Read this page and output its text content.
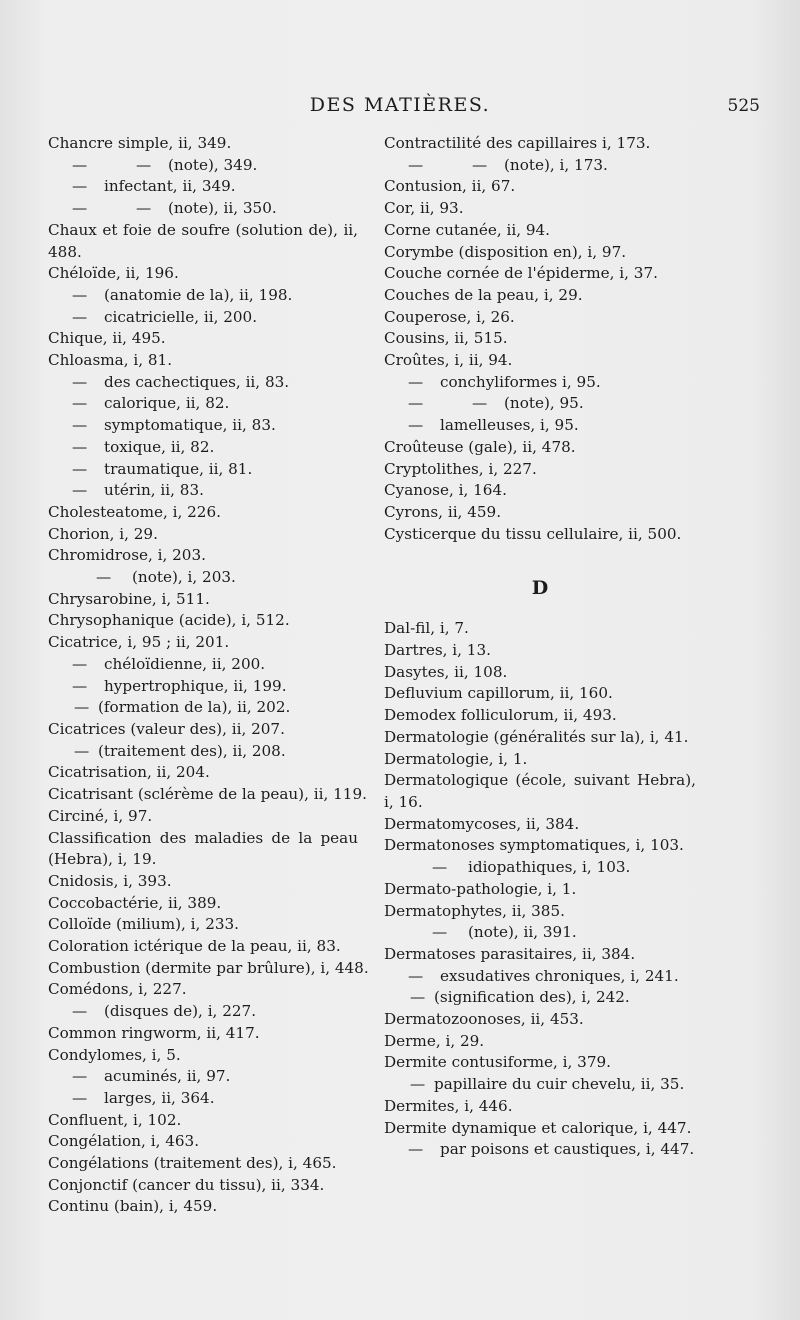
DES MATIÈRES.	525
Chancre simple, ii, 349.
—	— (note), 349.
— infectant, ii, 349.
—	— (note), ii, 350.
Chaux et foie de soufre (solution de), ii, 488.
Chéloïde, ii, 196.
— (anatomie de la), ii, 198.
— cicatricielle, ii, 200.
Chique, ii, 495.
Chloasma, i, 81.
— des cachectiques, ii, 83.
— calorique, ii, 82.
— symptomatique, ii, 83.
— toxique, ii, 82.
— traumatique, ii, 81.
— utérin, ii, 83.
Cholesteatome, i, 226.
Chorion, i, 29.
Chromidrose, i, 203.
— (note), i, 203.
Chrysarobine, i, 511.
Chrysophanique (acide), i, 512.
Cicatrice, i, 95 ; ii, 201.
— chéloïdienne, ii, 200.
— hypertrophique, ii, 199.
— (formation de la), ii, 202.
Cicatrices (valeur des), ii, 207.
— (traitement des), ii, 208.
Cicatrisation, ii, 204.
Cicatrisant (sclérème de la peau), ii, 119.
Circiné, i, 97.
Classification des maladies de la peau (Hebra), i, 19.
Cnidosis, i, 393.
Coccobactérie, ii, 389.
Colloïde (milium), i, 233.
Coloration ictérique de la peau, ii, 83.
Combustion (dermite par brûlure), i, 448.
Comédons, i, 227.
— (disques de), i, 227.
Common ringworm, ii, 417.
Condylomes, i, 5.
— acuminés, ii, 97.
— larges, ii, 364.
Confluent, i, 102.
Congélation, i, 463.
Congélations (traitement des), i, 465.
Conjonctif (cancer du tissu), ii, 334.
Continu (bain), i, 459.
Contractilité des capillaires i, 173.
—	— (note), i, 173.
Contusion, ii, 67.
Cor, ii, 93.
Corne cutanée, ii, 94.
Corymbe (disposition en), i, 97.
Couche cornée de l'épiderme, i, 37.
Couches de la peau, i, 29.
Couperose, i, 26.
Cousins, ii, 515.
Croûtes, i, ii, 94.
— conchyliformes i, 95.
—	— (note), 95.
— lamelleuses, i, 95.
Croûteuse (gale), ii, 478.
Cryptolithes, i, 227.
Cyanose, i, 164.
Cyrons, ii, 459.
Cysticerque du tissu cellulaire, ii, 500.
D
Dal-fil, i, 7.
Dartres, i, 13.
Dasytes, ii, 108.
Defluvium capillorum, ii, 160.
Demodex folliculorum, ii, 493.
Dermatologie (généralités sur la), i, 41.
Dermatologie, i, 1.
Dermatologique (école, suivant Hebra), i, 16.
Dermatomycoses, ii, 384.
Dermatonoses symptomatiques, i, 103.
— idiopathiques, i, 103.
Dermato-pathologie, i, 1.
Dermatophytes, ii, 385.
— (note), ii, 391.
Dermatoses parasitaires, ii, 384.
— exsudatives chroniques, i, 241.
— (signification des), i, 242.
Dermatozoonoses, ii, 453.
Derme, i, 29.
Dermite contusiforme, i, 379.
— papillaire du cuir chevelu, ii, 35.
Dermites, i, 446.
Dermite dynamique et calorique, i, 447.
— par poisons et caustiques, i, 447.
